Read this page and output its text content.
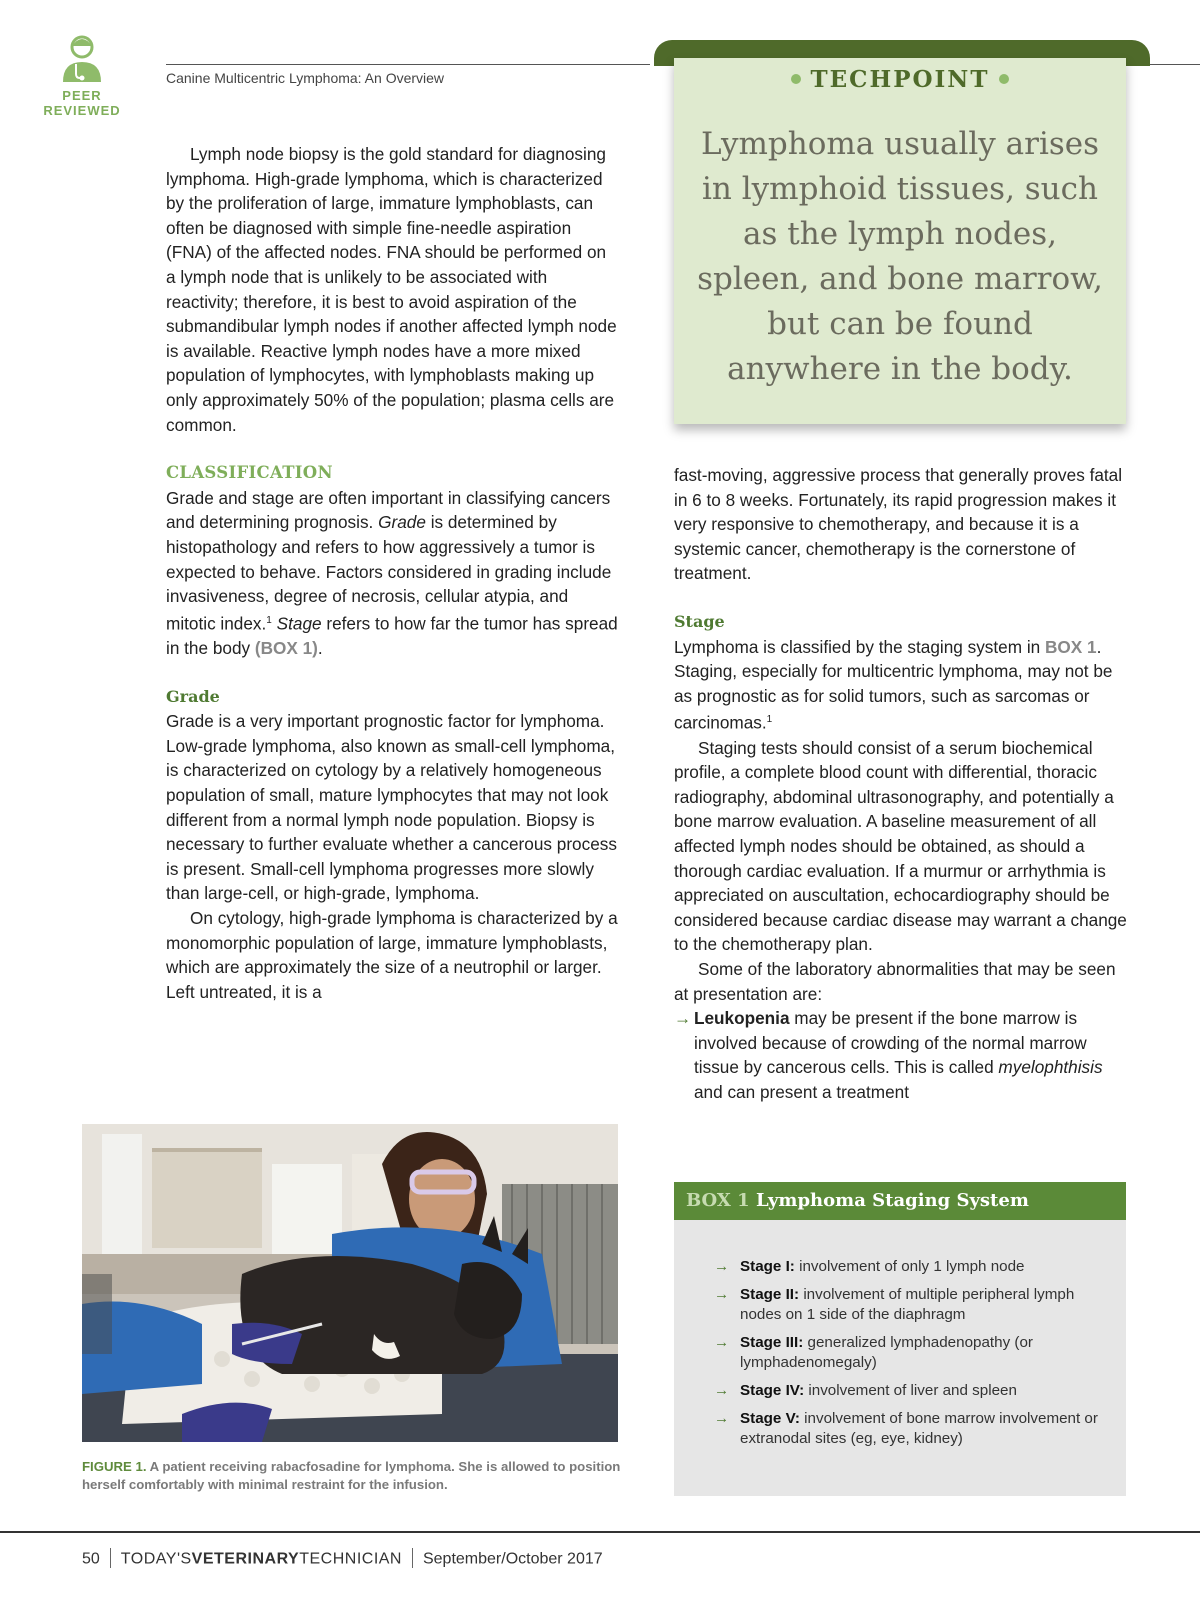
PEER REVIEWED
Canine Multicentric Lymphoma: An Overview

Lymph node biopsy is the gold standard for diagnosing lymphoma. High-grade lymphoma, which is characterized by the proliferation of large, immature lymphoblasts, can often be diagnosed with simple fine-needle aspiration (FNA) of the affected nodes. FNA should be performed on a lymph node that is unlikely to be associated with reactivity; therefore, it is best to avoid aspiration of the submandibular lymph nodes if another affected lymph node is available. Reactive lymph nodes have a more mixed population of lymphocytes, with lymphoblasts making up only approximately 50% of the population; plasma cells are common.

CLASSIFICATION

Grade and stage are often important in classifying cancers and determining prognosis. Grade is determined by histopathology and refers to how aggressively a tumor is expected to behave. Factors considered in grading include invasiveness, degree of necrosis, cellular atypia, and mitotic index.$^1$ Stage refers to how far the tumor has spread in the body (BOX 1).

Grade

Grade is a very important prognostic factor for lymphoma. Low-grade lymphoma, also known as small-cell lymphoma, is characterized on cytology by a relatively homogeneous population of small, mature lymphocytes that may not look different from a normal lymph node population. Biopsy is necessary to further evaluate whether a cancerous process is present. Small-cell lymphoma progresses more slowly than large-cell, or high-grade, lymphoma.

On cytology, high-grade lymphoma is characterized by a monomorphic population of large, immature lymphoblasts, which are approximately the size of a neutrophil or larger. Left untreated, it is a

TECHPOINT
Lymphoma usually arises in lymphoid tissues, such as the lymph nodes, spleen, and bone marrow, but can be found anywhere in the body.

fast-moving, aggressive process that generally proves fatal in 6 to 8 weeks. Fortunately, its rapid progression makes it very responsive to chemotherapy, and because it is a systemic cancer, chemotherapy is the cornerstone of treatment.

Stage

Lymphoma is classified by the staging system in BOX 1. Staging, especially for multicentric lymphoma, may not be as prognostic as for solid tumors, such as sarcomas or carcinomas.$^1$

Staging tests should consist of a serum biochemical profile, a complete blood count with differential, thoracic radiography, abdominal ultrasonography, and potentially a bone marrow evaluation. A baseline measurement of all affected lymph nodes should be obtained, as should a thorough cardiac evaluation. If a murmur or arrhythmia is appreciated on auscultation, echocardiography should be considered because cardiac disease may warrant a change to the chemotherapy plan.

Some of the laboratory abnormalities that may be seen at presentation are:

→ Leukopenia may be present if the bone marrow is involved because of crowding of the normal marrow tissue by cancerous cells. This is called myelophthisis and can present a treatment
FIGURE 1. A patient receiving rabacfosadine for lymphoma. She is allowed to position herself comfortably with minimal restraint for the infusion.
BOX 1 Lymphoma Staging System
→ Stage I: involvement of only 1 lymph node
→ Stage II: involvement of multiple peripheral lymph nodes on 1 side of the diaphragm
→ Stage III: generalized lymphadenopathy (or lymphadenomegaly)
→ Stage IV: involvement of liver and spleen
→ Stage V: involvement of bone marrow involvement or extranodal sites (eg, eye, kidney)
50 TODAY'SVETERINARYTECHNICIAN September/October 2017
